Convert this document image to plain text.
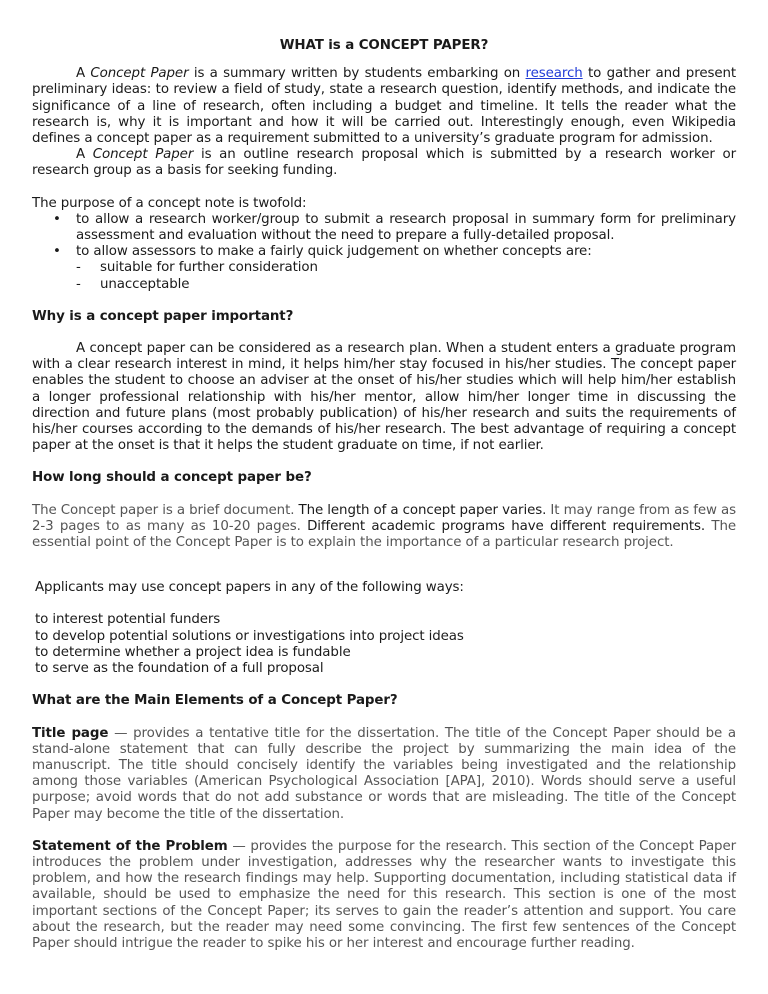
WHAT is a CONCEPT PAPER?

A Concept Paper is a summary written by students embarking on research to gather and present preliminary ideas: to review a field of study, state a research question, identify methods, and indicate the significance of a line of research, often including a budget and timeline. It tells the reader what the research is, why it is important and how it will be carried out. Interestingly enough, even Wikipedia defines a concept paper as a requirement submitted to a university’s graduate program for admission.

A Concept Paper is an outline research proposal which is submitted by a research worker or research group as a basis for seeking funding.

The purpose of a concept note is twofold:

• to allow a research worker/group to submit a research proposal in summary form for preliminary assessment and evaluation without the need to prepare a fully-detailed proposal.
• to allow assessors to make a fairly quick judgement on whether concepts are:
- suitable for further consideration
- unacceptable

Why is a concept paper important?

A concept paper can be considered as a research plan. When a student enters a graduate program with a clear research interest in mind, it helps him/her stay focused in his/her studies. The concept paper enables the student to choose an adviser at the onset of his/her studies which will help him/her establish a longer professional relationship with his/her mentor, allow him/her longer time in discussing the direction and future plans (most probably publication) of his/her research and suits the requirements of his/her courses according to the demands of his/her research. The best advantage of requiring a concept paper at the onset is that it helps the student graduate on time, if not earlier.

How long should a concept paper be?

The Concept paper is a brief document. The length of a concept paper varies. It may range from as few as 2-3 pages to as many as 10-20 pages. Different academic programs have different requirements. The essential point of the Concept Paper is to explain the importance of a particular research project.

Applicants may use concept papers in any of the following ways:

to interest potential funders

to develop potential solutions or investigations into project ideas

to determine whether a project idea is fundable

to serve as the foundation of a full proposal

What are the Main Elements of a Concept Paper?

Title page — provides a tentative title for the dissertation. The title of the Concept Paper should be a stand-alone statement that can fully describe the project by summarizing the main idea of the manuscript. The title should concisely identify the variables being investigated and the relationship among those variables (American Psychological Association [APA], 2010). Words should serve a useful purpose; avoid words that do not add substance or words that are misleading. The title of the Concept Paper may become the title of the dissertation.

Statement of the Problem — provides the purpose for the research. This section of the Concept Paper introduces the problem under investigation, addresses why the researcher wants to investigate this problem, and how the research findings may help. Supporting documentation, including statistical data if available, should be used to emphasize the need for this research. This section is one of the most important sections of the Concept Paper; its serves to gain the reader’s attention and support. You care about the research, but the reader may need some convincing. The first few sentences of the Concept Paper should intrigue the reader to spike his or her interest and encourage further reading.
